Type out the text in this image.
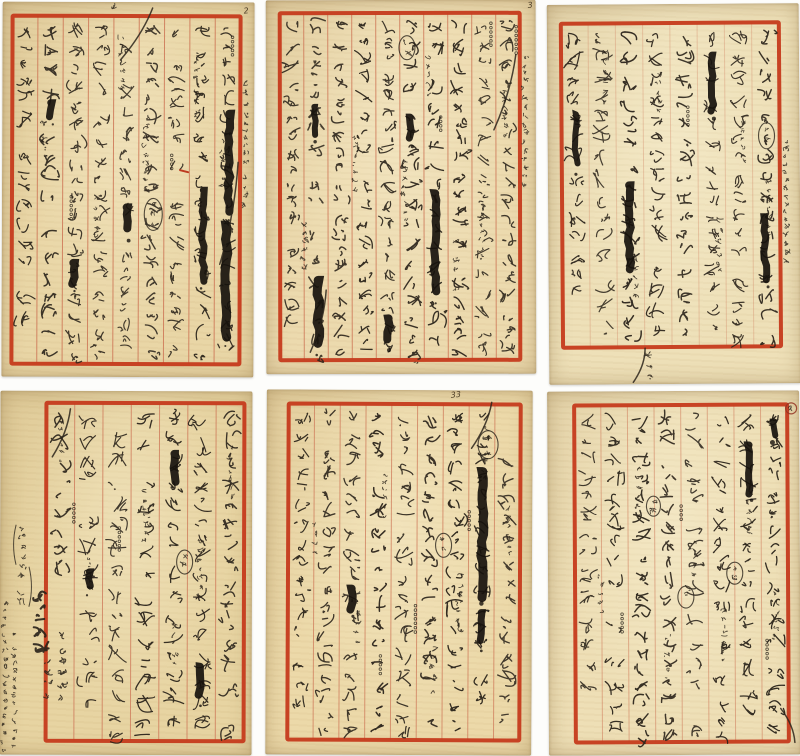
2
3
33
